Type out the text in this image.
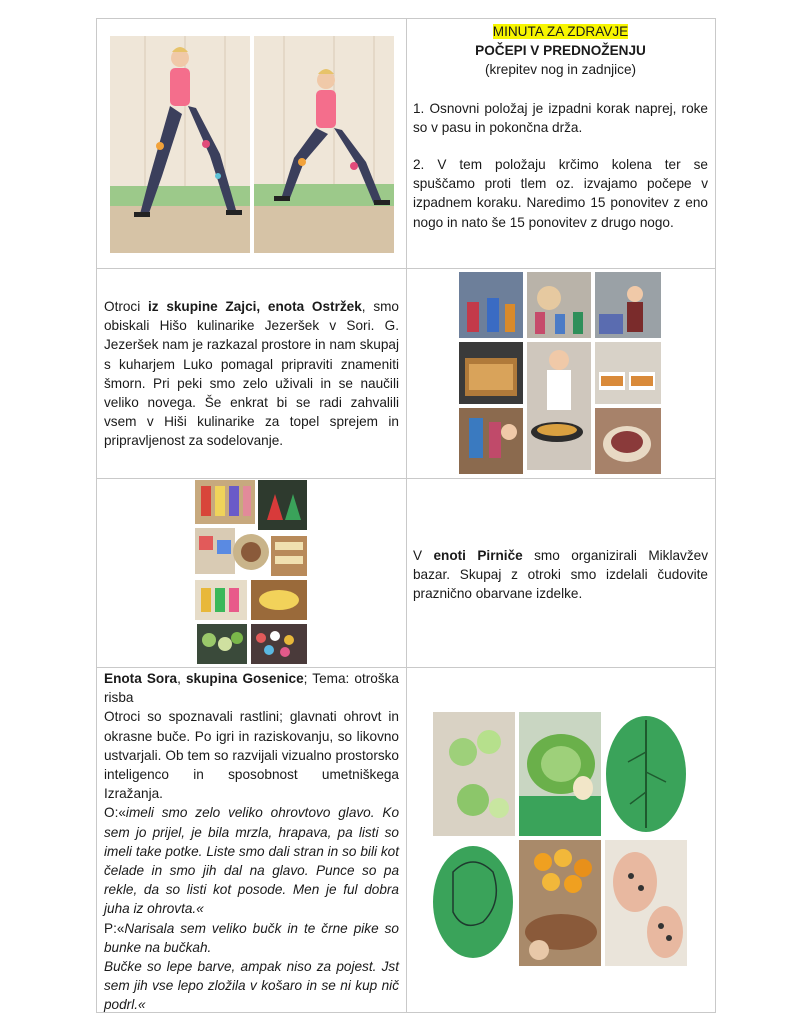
MINUTA ZA ZDRAVJE

POČEPI V PREDNOŽENJU

(krepitev nog in zadnjice)

1. Osnovni položaj je izpadni korak naprej, roke so v pasu in pokončna drža.
2. V tem položaju krčimo kolena ter se spuščamo proti tlem oz. izvajamo počepe v izpadnem koraku. Naredimo 15 ponovitev z eno nogo in nato še 15 ponovitev z drugo nogo.
Otroci iz skupine Zajci, enota Ostržek, smo obiskali Hišo kulinarike Jezeršek v Sori. G. Jezeršek nam je razkazal prostore in nam skupaj s kuharjem Luko pomagal pripraviti znameniti šmorn. Pri peki smo zelo uživali in se naučili veliko novega. Še enkrat bi se radi zahvalili vsem v Hiši kulinarike za topel sprejem in pripravljenost za sodelovanje.
V enoti Pirniče smo organizirali Miklavžev bazar. Skupaj z otroki smo izdelali čudovite praznično obarvane izdelke.

Enota Sora, skupina Gosenice; Tema: otroška risba

Otroci so spoznavali rastlini; glavnati ohrovt in okrasne buče. Po igri in raziskovanju, so likovno ustvarjali. Ob tem so razvijali vizualno prostorsko inteligenco in sposobnost umetniškega Izražanja.

O:«imeli smo zelo veliko ohrovtovo glavo. Ko sem jo prijel, je bila mrzla, hrapava, pa listi so imeli take potke. Liste smo dali stran in so bili kot čelade in smo jih dal na glavo. Punce so pa rekle, da so listi kot posode. Men je ful dobra juha iz ohrovta.«

P:«Narisala sem veliko bučk in te črne pike so bunke na bučkah.

Bučke so lepe barve, ampak niso za pojest. Jst sem jih vse lepo zložila v košaro in se ni kup nič podrl.«
